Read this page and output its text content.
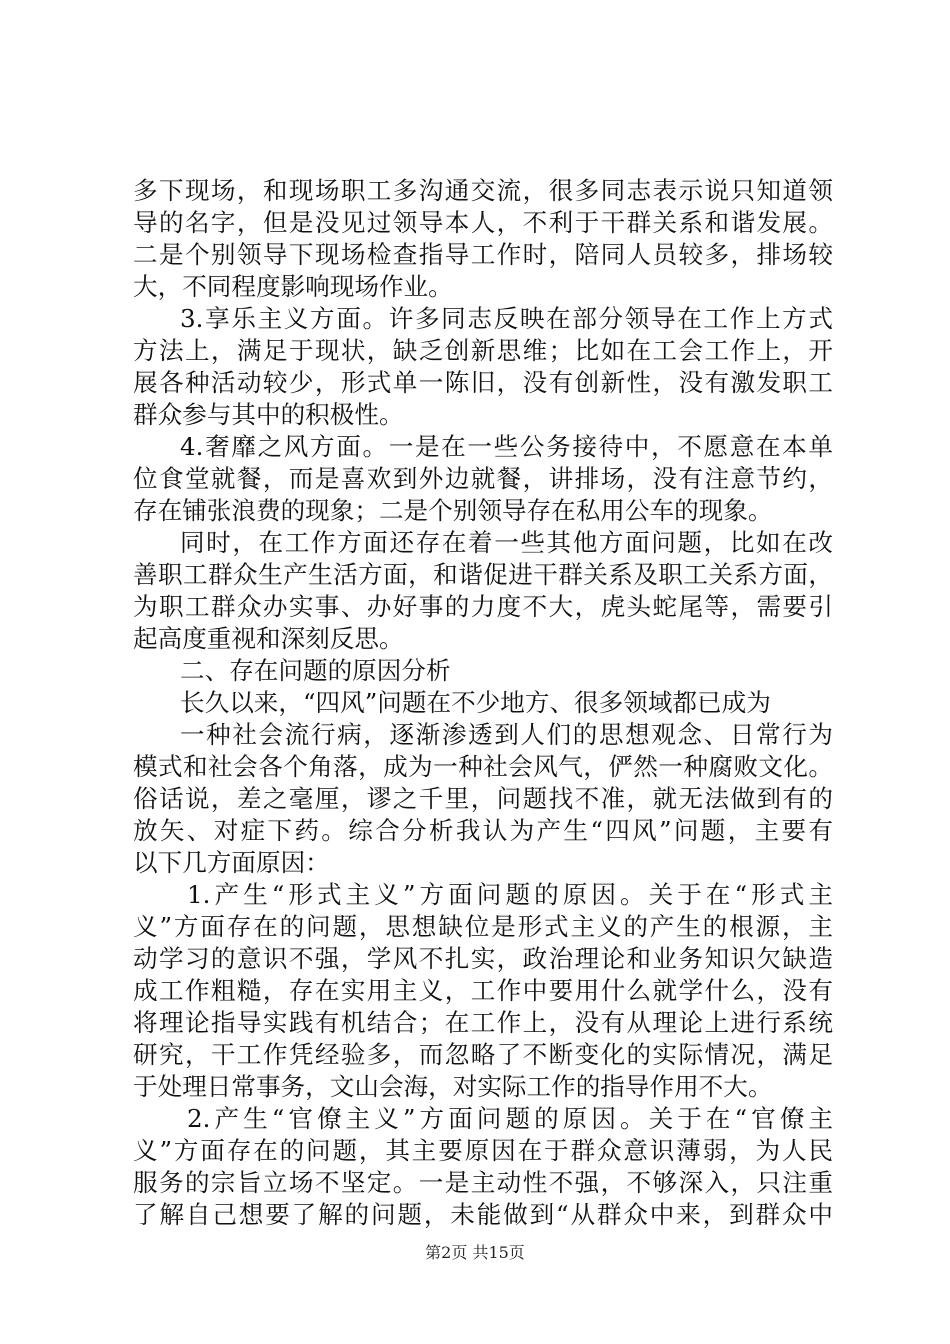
多下现场，和现场职工多沟通交流，很多同志表示说只知道领
导的名字，但是没见过领导本人，不利于干群关系和谐发展。
二是个别领导下现场检查指导工作时，陪同人员较多，排场较
大，不同程度影响现场作业。
3.享乐主义方面。许多同志反映在部分领导在工作上方式
方法上，满足于现状，缺乏创新思维；比如在工会工作上，开
展各种活动较少，形式单一陈旧，没有创新性，没有激发职工
群众参与其中的积极性。
4.奢靡之风方面。一是在一些公务接待中，不愿意在本单
位食堂就餐，而是喜欢到外边就餐，讲排场，没有注意节约，
存在铺张浪费的现象；二是个别领导存在私用公车的现象。
同时，在工作方面还存在着一些其他方面问题，比如在改
善职工群众生产生活方面，和谐促进干群关系及职工关系方面，
为职工群众办实事、办好事的力度不大，虎头蛇尾等，需要引
起高度重视和深刻反思。
二、存在问题的原因分析
长久以来，“四风”问题在不少地方、很多领域都已成为
一种社会流行病，逐渐渗透到人们的思想观念、日常行为
模式和社会各个角落，成为一种社会风气，俨然一种腐败文化。
俗话说，差之毫厘，谬之千里，问题找不准，就无法做到有的
放矢、对症下药。综合分析我认为产生“四风”问题，主要有
以下几方面原因：
1.产生“形式主义”方面问题的原因。关于在“形式主
义”方面存在的问题，思想缺位是形式主义的产生的根源，主
动学习的意识不强，学风不扎实，政治理论和业务知识欠缺造
成工作粗糙，存在实用主义，工作中要用什么就学什么，没有
将理论指导实践有机结合；在工作上，没有从理论上进行系统
研究，干工作凭经验多，而忽略了不断变化的实际情况，满足
于处理日常事务，文山会海，对实际工作的指导作用不大。
2.产生“官僚主义”方面问题的原因。关于在“官僚主
义”方面存在的问题，其主要原因在于群众意识薄弱，为人民
服务的宗旨立场不坚定。一是主动性不强，不够深入，只注重
了解自己想要了解的问题，未能做到“从群众中来，到群众中
第2页 共15页
